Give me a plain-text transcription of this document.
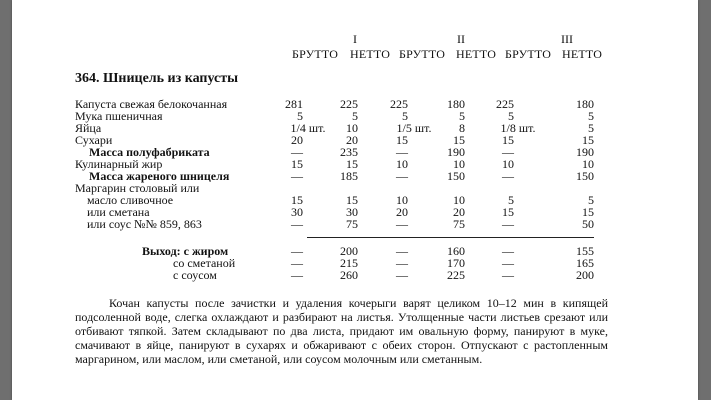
I	II	III
БРУТТО НЕТТО БРУТТО НЕТТО БРУТТО НЕТТО
364. Шницель из капусты
Капуста свежая белокочанная	281	225	225	180	225	180
Мука пшеничная	5	5	5	5	5	5
Яйца	1/4 шт.	10	1/5 шт.	8	1/8 шт.	5
Сухари	20	20	15	15	15	15
Масса полуфабриката	—	235	—	190	—	190
Кулинарный жир	15	15	10	10	10	10
Масса жареного шницеля	—	185	—	150	—	150
Маргарин столовый или
масло сливочное	15	15	10	10	5	5
или сметана	30	30	20	20	15	15
или соус №№ 859, 863	—	75	—	75	—	50
Выход: с жиром	—	200	—	160	—	155
со сметаной	—	215	—	170	—	165
с соусом	—	260	—	225	—	200

Кочан капусты после зачистки и удаления кочерыги варят целиком 10–12 мин в кипящей подсоленной воде, слегка охлаждают и разбирают на листья. Утолщенные части листьев срезают или отбивают тяпкой. Затем складывают по два листа, придают им овальную форму, панируют в муке, смачивают в яйце, панируют в сухарях и обжаривают с обеих сторон. Отпускают с растопленным маргарином, или маслом, или сметаной, или соусом молочным или сметанным.
